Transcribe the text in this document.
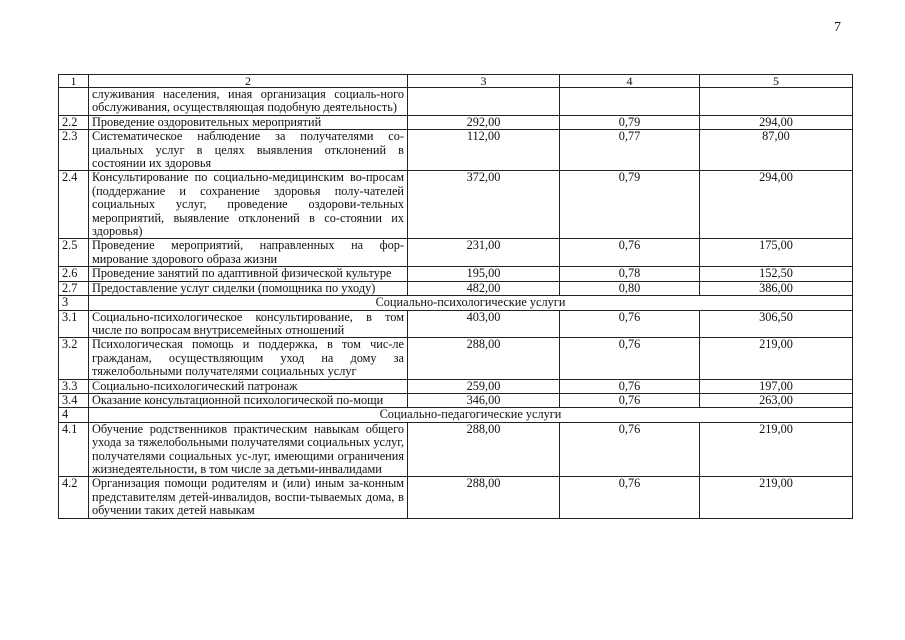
7
1	2	3	4	5
	служивания населения, иная организация социаль-ного обслуживания, осуществляющая подобную деятельность)			
2.2	Проведение оздоровительных мероприятий	292,00	0,79	294,00
2.3	Систематическое наблюдение за получателями со-циальных услуг в целях выявления отклонений в состоянии их здоровья	112,00	0,77	87,00
2.4	Консультирование по социально-медицинским во-просам (поддержание и сохранение здоровья полу-чателей социальных услуг, проведение оздорови-тельных мероприятий, выявление отклонений в со-стоянии их здоровья)	372,00	0,79	294,00
2.5	Проведение мероприятий, направленных на фор-мирование здорового образа жизни	231,00	0,76	175,00
2.6	Проведение занятий по адаптивной физической культуре	195,00	0,78	152,50
2.7	Предоставление услуг сиделки (помощника по уходу)	482,00	0,80	386,00
3	Социально-психологические услуги			
3.1	Социально-психологическое консультирование, в том числе по вопросам внутрисемейных отношений	403,00	0,76	306,50
3.2	Психологическая помощь и поддержка, в том чис-ле гражданам, осуществляющим уход на дому за тяжелобольными получателями социальных услуг	288,00	0,76	219,00
3.3	Социально-психологический патронаж	259,00	0,76	197,00
3.4	Оказание консультационной психологической по-мощи	346,00	0,76	263,00
4	Социально-педагогические услуги			
4.1	Обучение родственников практическим навыкам общего ухода за тяжелобольными получателями социальных услуг, получателями социальных ус-луг, имеющими ограничения жизнедеятельности, в том числе за детьми-инвалидами	288,00	0,76	219,00
4.2	Организация помощи родителям и (или) иным за-конным представителям детей-инвалидов, воспи-тываемых дома, в обучении таких детей навыкам	288,00	0,76	219,00
